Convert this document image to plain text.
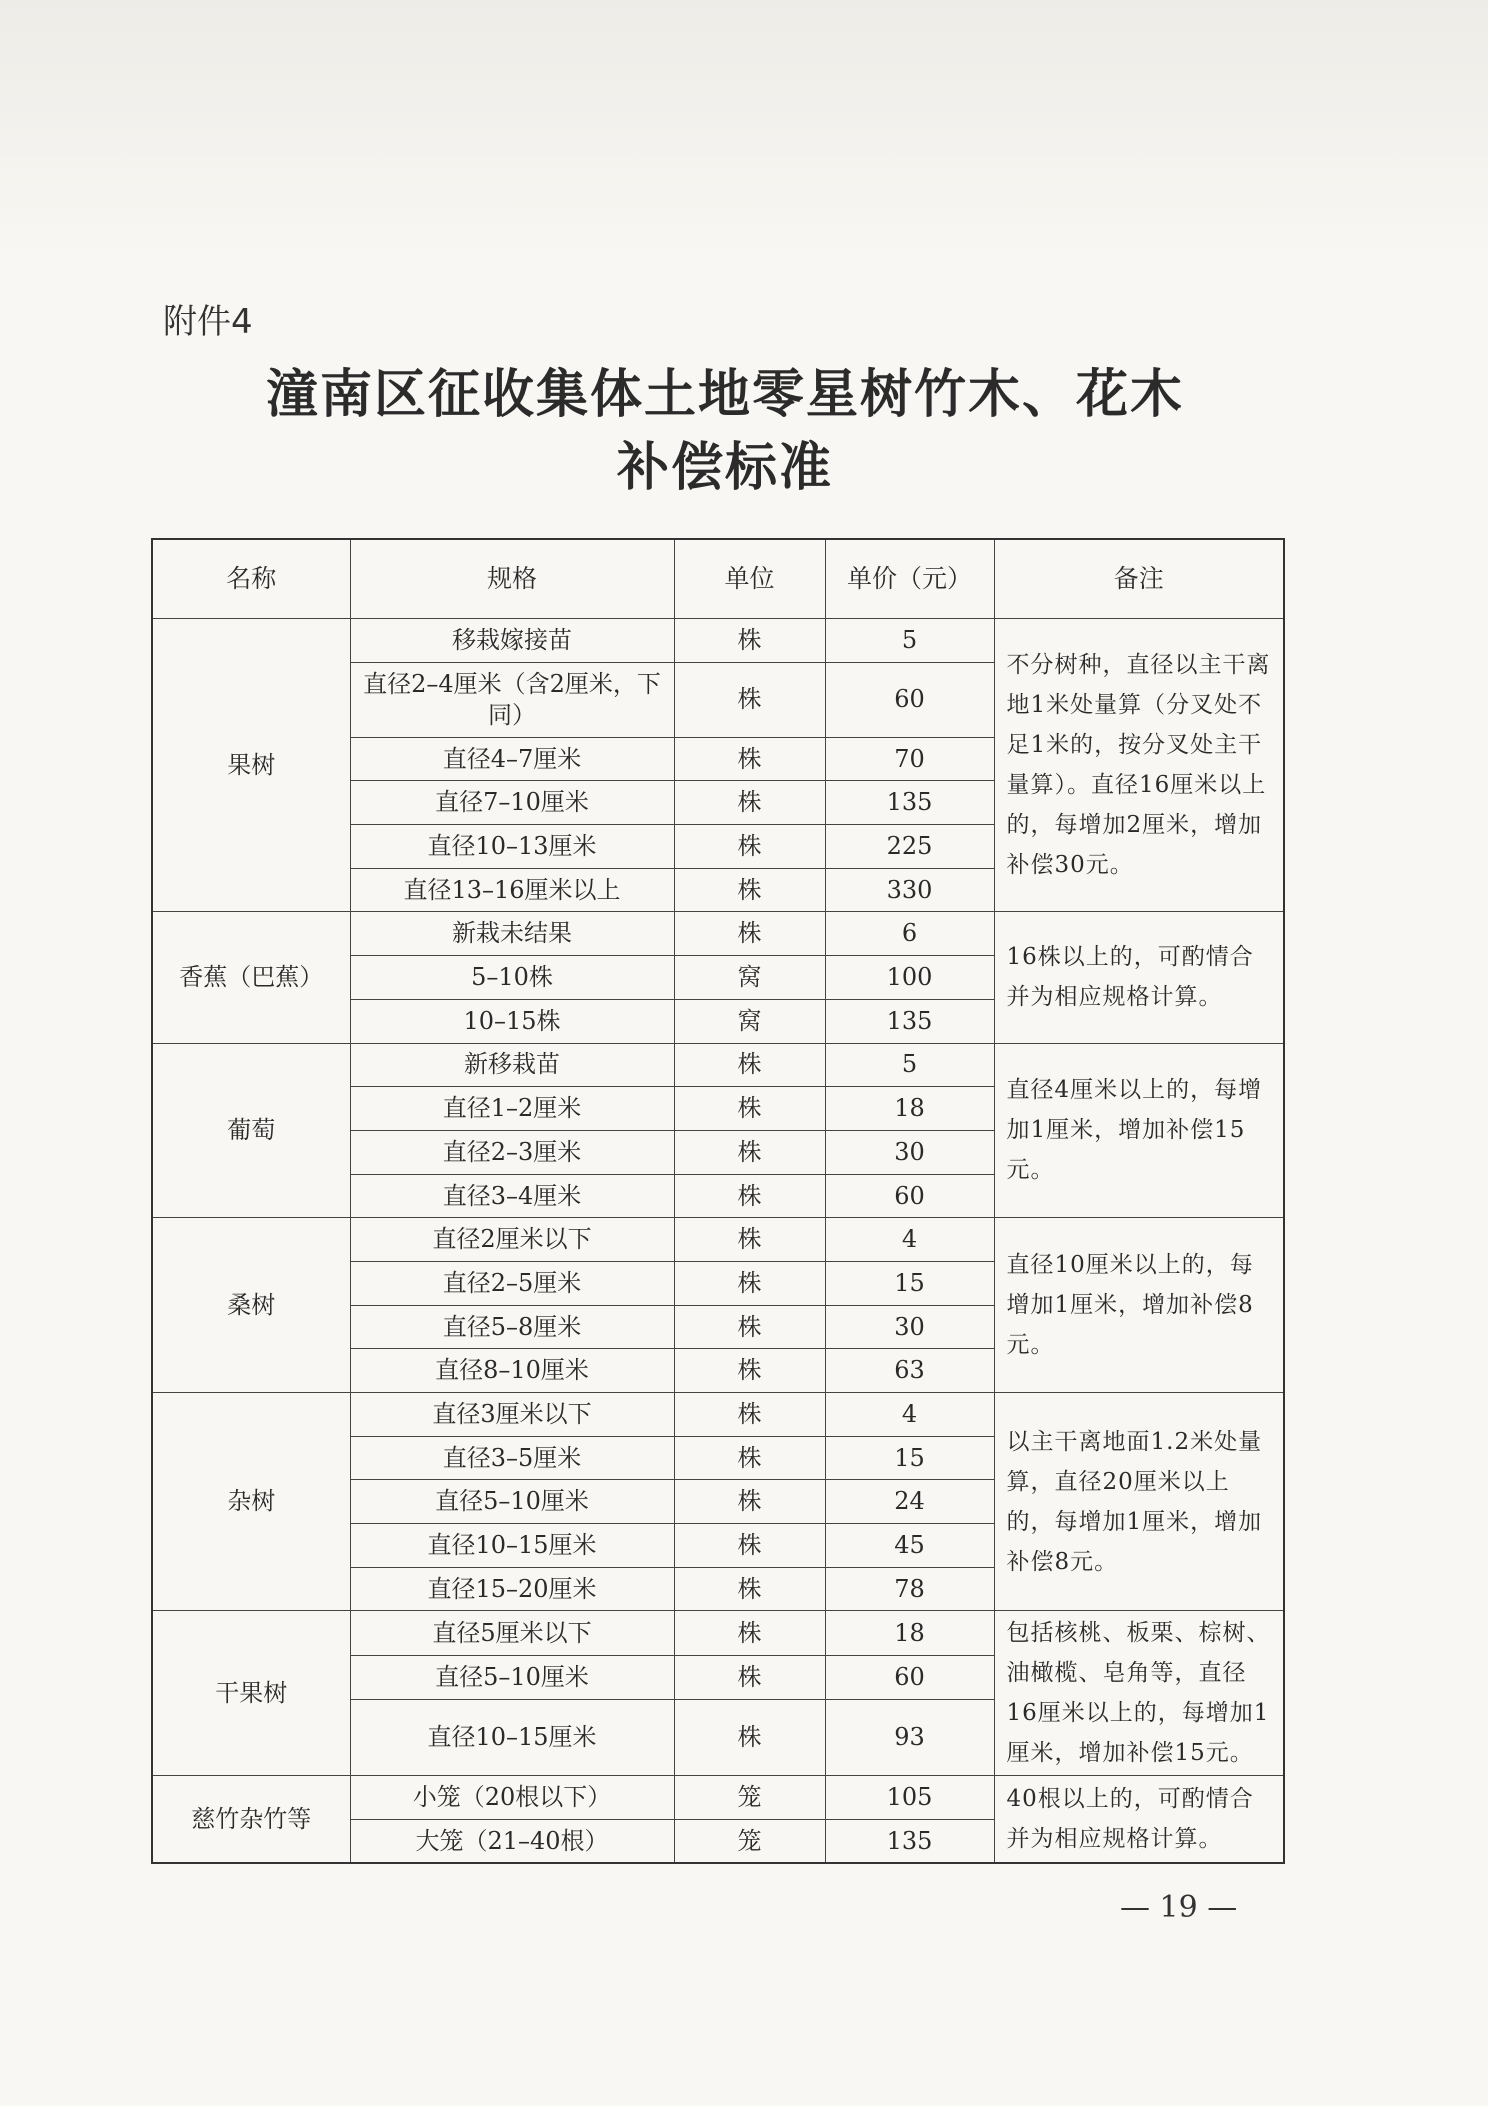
附件4
潼南区征收集体土地零星树竹木、花木
补偿标准
名称	规格	单位	单价（元）	备注
果树	移栽嫁接苗	株	5	不分树种，直径以主干离地1米处量算（分叉处不足1米的，按分叉处主干量算）。直径16厘米以上的，每增加2厘米，增加补偿30元。
	直径2–4厘米（含2厘米，下同）	株	60	
	直径4–7厘米	株	70	
	直径7–10厘米	株	135	
	直径10–13厘米	株	225	
	直径13–16厘米以上	株	330	
香蕉（巴蕉）	新栽未结果	株	6	16株以上的，可酌情合并为相应规格计算。
	5–10株	窝	100	
	10–15株	窝	135	
葡萄	新移栽苗	株	5	直径4厘米以上的，每增加1厘米，增加补偿15元。
	直径1–2厘米	株	18	
	直径2–3厘米	株	30	
	直径3–4厘米	株	60	
桑树	直径2厘米以下	株	4	直径10厘米以上的，每增加1厘米，增加补偿8元。
	直径2–5厘米	株	15	
	直径5–8厘米	株	30	
	直径8–10厘米	株	63	
杂树	直径3厘米以下	株	4	以主干离地面1.2米处量算，直径20厘米以上的，每增加1厘米，增加补偿8元。
	直径3–5厘米	株	15	
	直径5–10厘米	株	24	
	直径10–15厘米	株	45	
	直径15–20厘米	株	78	
干果树	直径5厘米以下	株	18	包括核桃、板栗、棕树、油橄榄、皂角等，直径16厘米以上的，每增加1厘米，增加补偿15元。
	直径5–10厘米	株	60	
	直径10–15厘米	株	93	
慈竹杂竹等	小笼（20根以下）	笼	105	40根以上的，可酌情合并为相应规格计算。
	大笼（21–40根）	笼	135	
— 19 —
